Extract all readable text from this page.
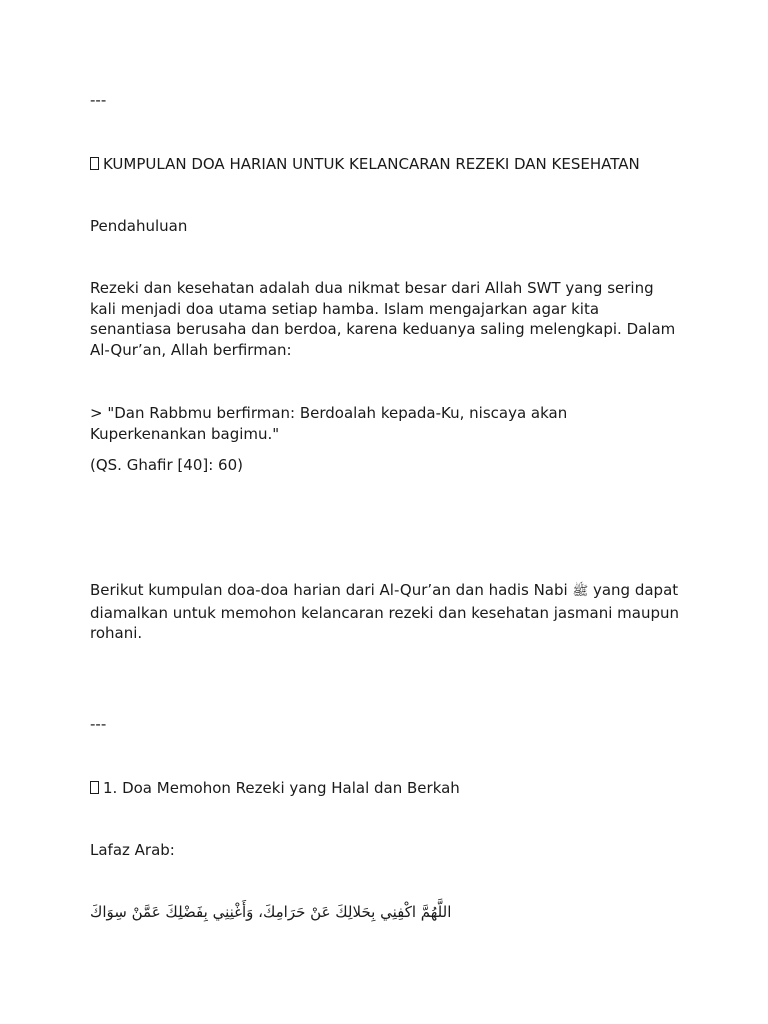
---

KUMPULAN DOA HARIAN UNTUK KELANCARAN REZEKI DAN KESEHATAN

Pendahuluan

Rezeki dan kesehatan adalah dua nikmat besar dari Allah SWT yang sering kali menjadi doa utama setiap hamba. Islam mengajarkan agar kita senantiasa berusaha dan berdoa, karena keduanya saling melengkapi. Dalam Al-Qur’an, Allah berfirman:

> "Dan Rabbmu berfirman: Berdoalah kepada-Ku, niscaya akan Kuperkenankan bagimu."

(QS. Ghafir [40]: 60)

Berikut kumpulan doa-doa harian dari Al-Qur’an dan hadis Nabi ﷺ yang dapat diamalkan untuk memohon kelancaran rezeki dan kesehatan jasmani maupun rohani.

---

1. Doa Memohon Rezeki yang Halal dan Berkah

Lafaz Arab:

اللَّهُمَّ اكْفِنِي بِحَلالِكَ عَنْ حَرَامِكَ، وَأَغْنِنِي بِفَضْلِكَ عَمَّنْ سِوَاكَ
